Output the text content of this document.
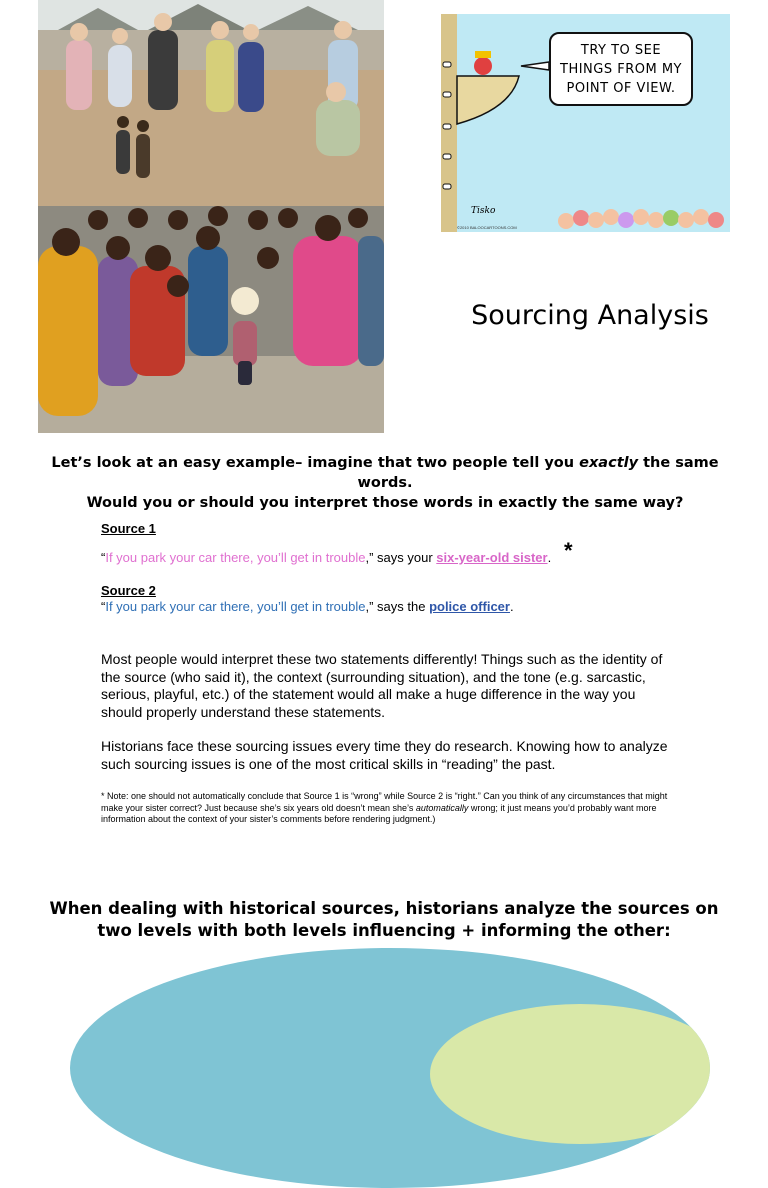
TRY TO SEE
THINGS FROM MY
POINT OF VIEW.
Tisko
©2010 BALOOCARTOONS.COM
Sourcing Analysis
Let’s look at an easy example– imagine that two people tell you exactly the same words.
Would you or should you interpret those words in exactly the same way?
Source 1
“If you park your car there, you’ll get in trouble,” says your six-year-old sister. *
Source 2
“If you park your car there, you’ll get in trouble,” says the police officer.

Most people would interpret these two statements differently! Things such as the identity of the source (who said it), the context (surrounding situation), and the tone (e.g. sarcastic, serious, playful, etc.) of the statement would all make a huge difference in the way you should properly understand these statements.

Historians face these sourcing issues every time they do research. Knowing how to analyze such sourcing issues is one of the most critical skills in “reading” the past.

* Note: one should not automatically conclude that Source 1 is “wrong” while Source 2 is “right.” Can you think of any circumstances that might make your sister correct? Just because she’s six years old doesn’t mean she’s automatically wrong; it just means you’d probably want more information about the context of your sister’s comments before rendering judgment.)

When dealing with historical sources, historians analyze the sources on two levels with both levels influencing + informing the other:
